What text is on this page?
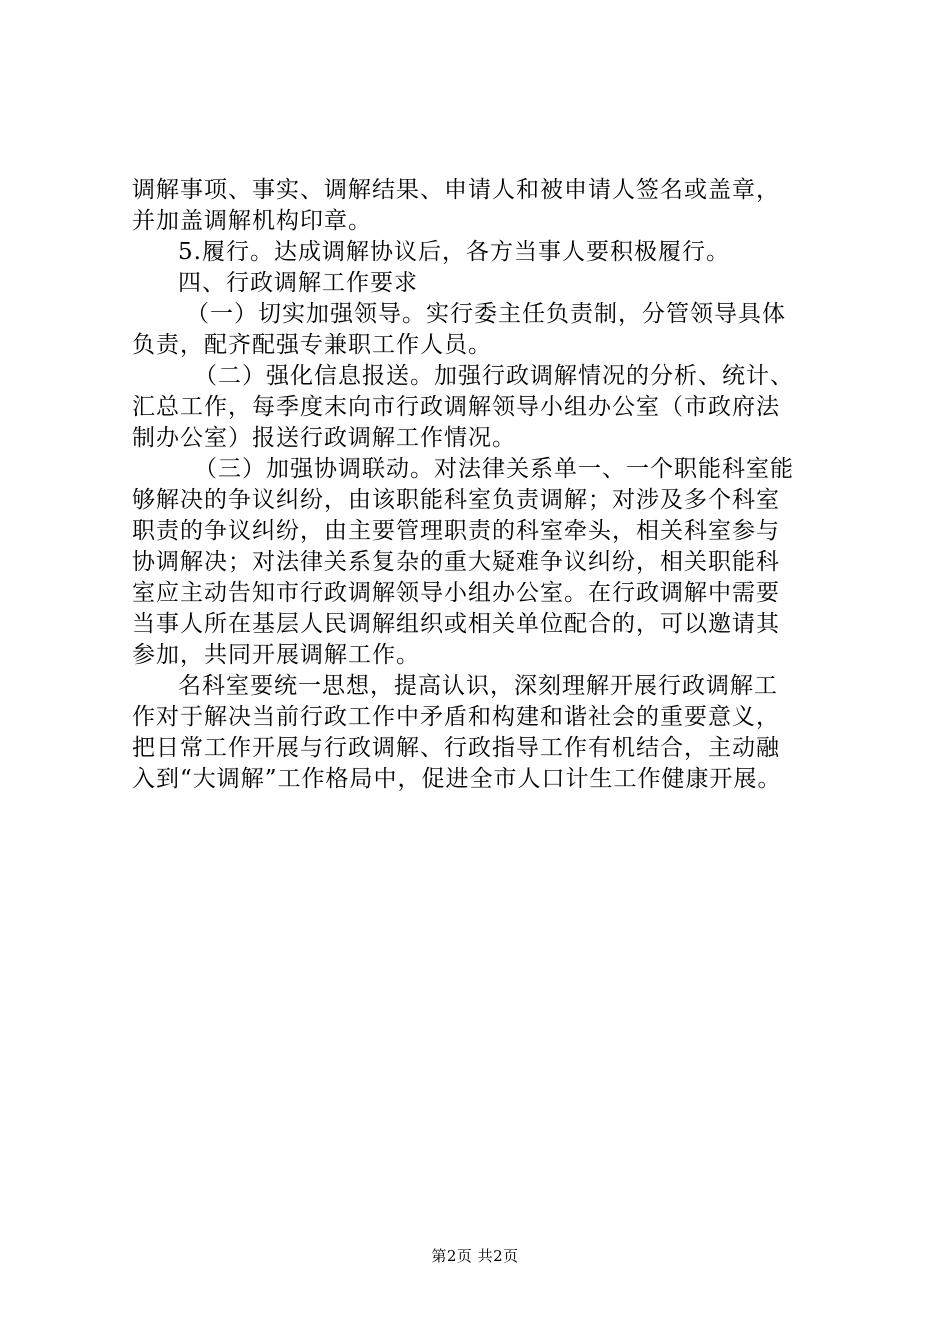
调解事项、事实、调解结果、申请人和被申请人签名或盖章，
并加盖调解机构印章。
5.履行。达成调解协议后，各方当事人要积极履行。
四、行政调解工作要求
（一）切实加强领导。实行委主任负责制，分管领导具体
负责，配齐配强专兼职工作人员。
（二）强化信息报送。加强行政调解情况的分析、统计、
汇总工作，每季度末向市行政调解领导小组办公室（市政府法
制办公室）报送行政调解工作情况。
（三）加强协调联动。对法律关系单一、一个职能科室能
够解决的争议纠纷，由该职能科室负责调解；对涉及多个科室
职责的争议纠纷，由主要管理职责的科室牵头，相关科室参与
协调解决；对法律关系复杂的重大疑难争议纠纷，相关职能科
室应主动告知市行政调解领导小组办公室。在行政调解中需要
当事人所在基层人民调解组织或相关单位配合的，可以邀请其
参加，共同开展调解工作。
名科室要统一思想，提高认识，深刻理解开展行政调解工
作对于解决当前行政工作中矛盾和构建和谐社会的重要意义，
把日常工作开展与行政调解、行政指导工作有机结合，主动融
入到“大调解”工作格局中，促进全市人口计生工作健康开展。
第2页 共2页
